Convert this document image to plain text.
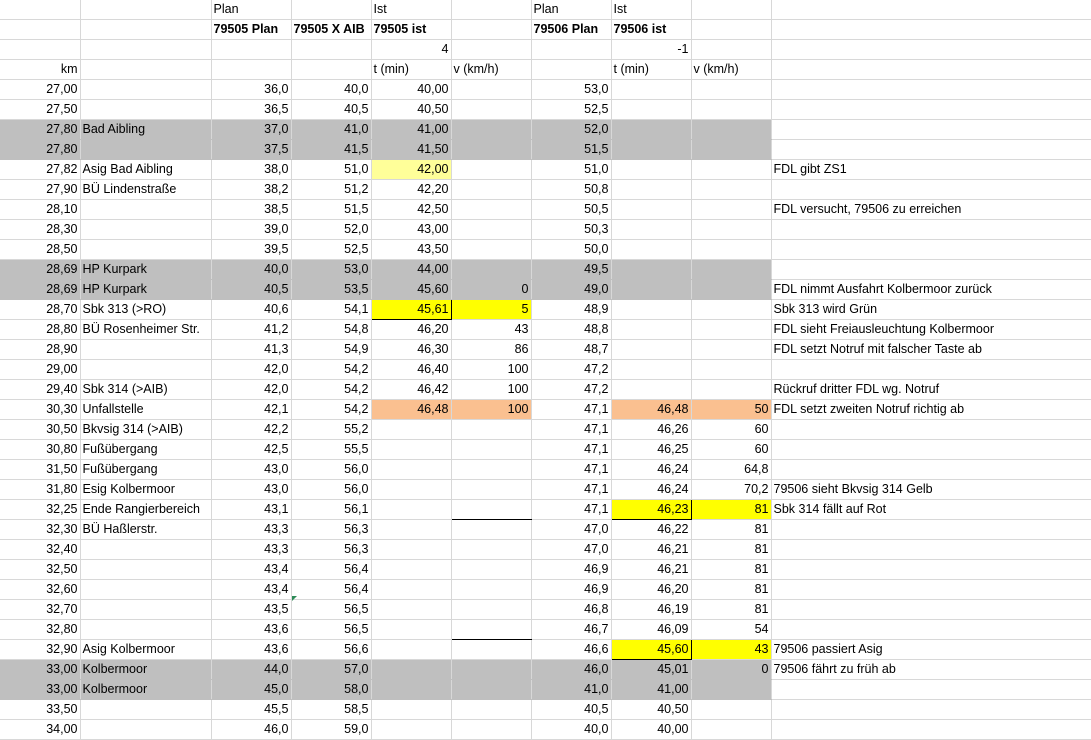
		Plan		Ist		Plan	Ist		
		79505 Plan	79505 X AIB	79505 ist		79506 Plan	79506 ist		
				4			-1		
km				t (min)	v (km/h)		t (min)	v (km/h)	
27,00		36,0	40,0	40,00		53,0			
27,50		36,5	40,5	40,50		52,5			
27,80	Bad Aibling	37,0	41,0	41,00		52,0			
27,80		37,5	41,5	41,50		51,5			
27,82	Asig Bad Aibling	38,0	51,0	42,00		51,0			FDL gibt ZS1
27,90	BÜ Lindenstraße	38,2	51,2	42,20		50,8			
28,10		38,5	51,5	42,50		50,5			FDL versucht, 79506 zu erreichen
28,30		39,0	52,0	43,00		50,3			
28,50		39,5	52,5	43,50		50,0			
28,69	HP Kurpark	40,0	53,0	44,00		49,5			
28,69	HP Kurpark	40,5	53,5	45,60	0	49,0			FDL nimmt Ausfahrt Kolbermoor zurück
28,70	Sbk 313 (>RO)	40,6	54,1	45,61	5	48,9			Sbk 313 wird Grün
28,80	BÜ Rosenheimer Str.	41,2	54,8	46,20	43	48,8			FDL sieht Freiausleuchtung Kolbermoor
28,90		41,3	54,9	46,30	86	48,7			FDL setzt Notruf mit falscher Taste ab
29,00		42,0	54,2	46,40	100	47,2			
29,40	Sbk 314 (>AIB)	42,0	54,2	46,42	100	47,2			Rückruf dritter FDL wg. Notruf
30,30	Unfallstelle	42,1	54,2	46,48	100	47,1	46,48	50	FDL setzt zweiten Notruf richtig ab
30,50	Bkvsig 314 (>AIB)	42,2	55,2			47,1	46,26	60	
30,80	Fußübergang	42,5	55,5			47,1	46,25	60	
31,50	Fußübergang	43,0	56,0			47,1	46,24	64,8	
31,80	Esig Kolbermoor	43,0	56,0			47,1	46,24	70,2	79506 sieht Bkvsig 314 Gelb
32,25	Ende Rangierbereich	43,1	56,1			47,1	46,23	81	Sbk 314 fällt auf Rot
32,30	BÜ Haßlerstr.	43,3	56,3			47,0	46,22	81	
32,40		43,3	56,3			47,0	46,21	81	
32,50		43,4	56,4			46,9	46,21	81	
32,60		43,4	56,4			46,9	46,20	81	
32,70		43,5	56,5			46,8	46,19	81	
32,80		43,6	56,5			46,7	46,09	54	
32,90	Asig Kolbermoor	43,6	56,6			46,6	45,60	43	79506 passiert Asig
33,00	Kolbermoor	44,0	57,0			46,0	45,01	0	79506 fährt zu früh ab
33,00	Kolbermoor	45,0	58,0			41,0	41,00		
33,50		45,5	58,5			40,5	40,50		
34,00		46,0	59,0			40,0	40,00		
